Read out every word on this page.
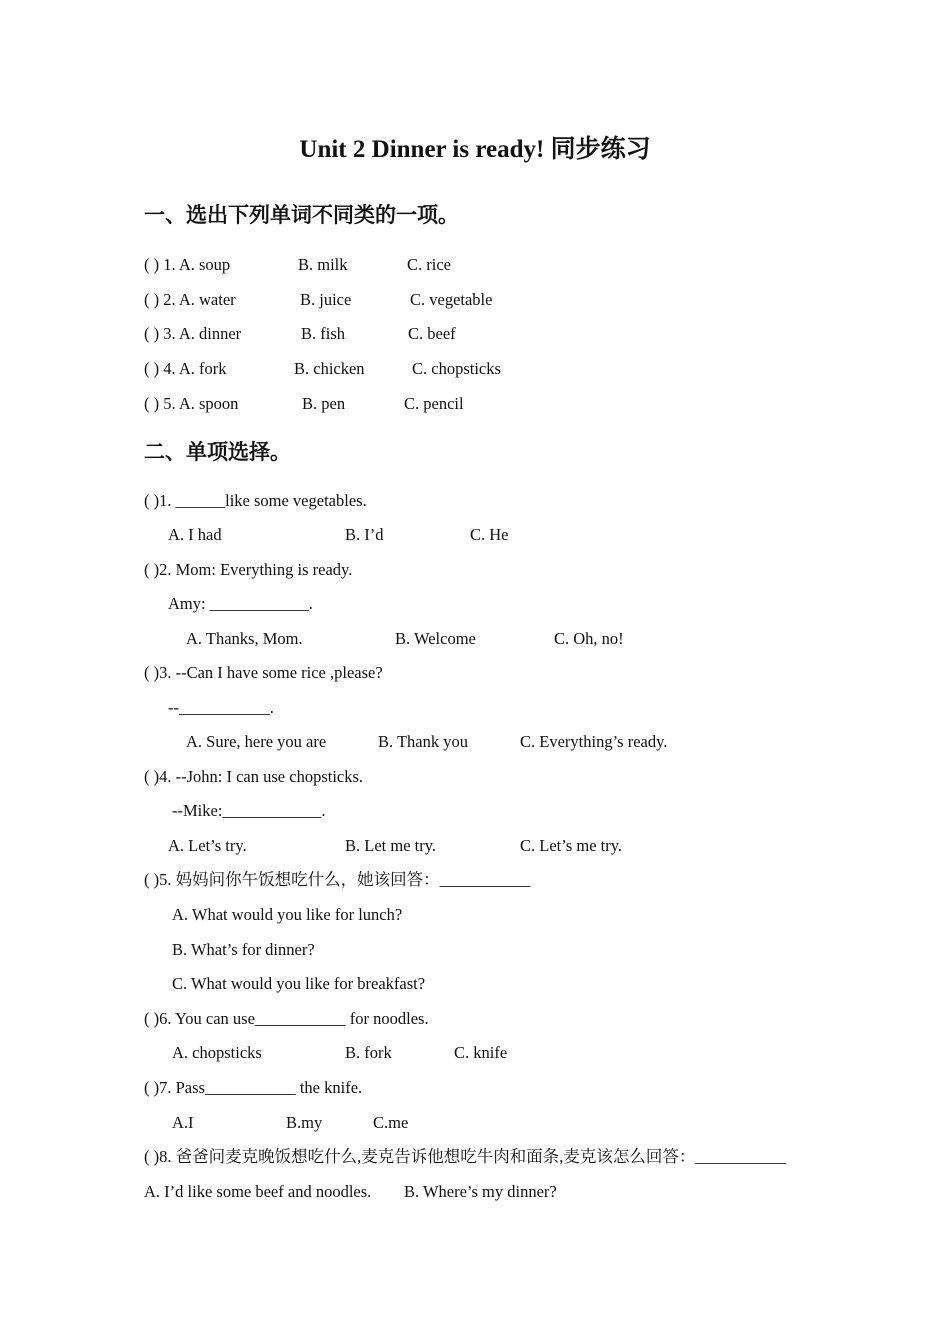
Unit 2 Dinner is ready! 同步练习
一、选出下列单词不同类的一项。
( ) 1. A. soup	B. milk	C. rice
( ) 2. A. water	B. juice	C. vegetable
( ) 3. A. dinner	B. fish	C. beef
( ) 4. A. fork	B. chicken	C. chopsticks
( ) 5. A. spoon	B. pen	C. pencil
二、单项选择。
( )1. ______like some vegetables.
A. I had	B. I’d	C. He
( )2. Mom: Everything is ready.
Amy: ____________.
A. Thanks, Mom.	B. Welcome	C. Oh, no!
( )3. --Can I have some rice ,please?
--___________.
A. Sure, here you are	B. Thank you	C. Everything’s ready.
( )4. --John: I can use chopsticks.
--Mike:____________.
A. Let’s try.	B. Let me try.	C. Let’s me try.
( )5. 妈妈问你午饭想吃什么，她该回答：___________
A. What would you like for lunch?
B. What’s for dinner?
C. What would you like for breakfast?
( )6. You can use___________ for noodles.
A. chopsticks	B. fork	C. knife
( )7. Pass___________ the knife.
A.I	B.my	C.me
( )8. 爸爸问麦克晚饭想吃什么,麦克告诉他想吃牛肉和面条,麦克该怎么回答：___________
A. I’d like some beef and noodles. B. Where’s my dinner?
